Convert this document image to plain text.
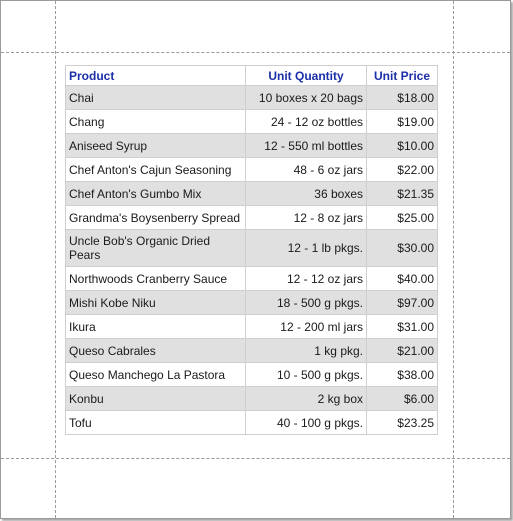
Product	Unit Quantity	Unit Price
Chai	10 boxes x 20 bags	$18.00
Chang	24 - 12 oz bottles	$19.00
Aniseed Syrup	12 - 550 ml bottles	$10.00
Chef Anton's Cajun Seasoning	48 - 6 oz jars	$22.00
Chef Anton's Gumbo Mix	36 boxes	$21.35
Grandma's Boysenberry Spread	12 - 8 oz jars	$25.00
Uncle Bob's Organic Dried Pears	12 - 1 lb pkgs.	$30.00
Northwoods Cranberry Sauce	12 - 12 oz jars	$40.00
Mishi Kobe Niku	18 - 500 g pkgs.	$97.00
Ikura	12 - 200 ml jars	$31.00
Queso Cabrales	1 kg pkg.	$21.00
Queso Manchego La Pastora	10 - 500 g pkgs.	$38.00
Konbu	2 kg box	$6.00
Tofu	40 - 100 g pkgs.	$23.25
